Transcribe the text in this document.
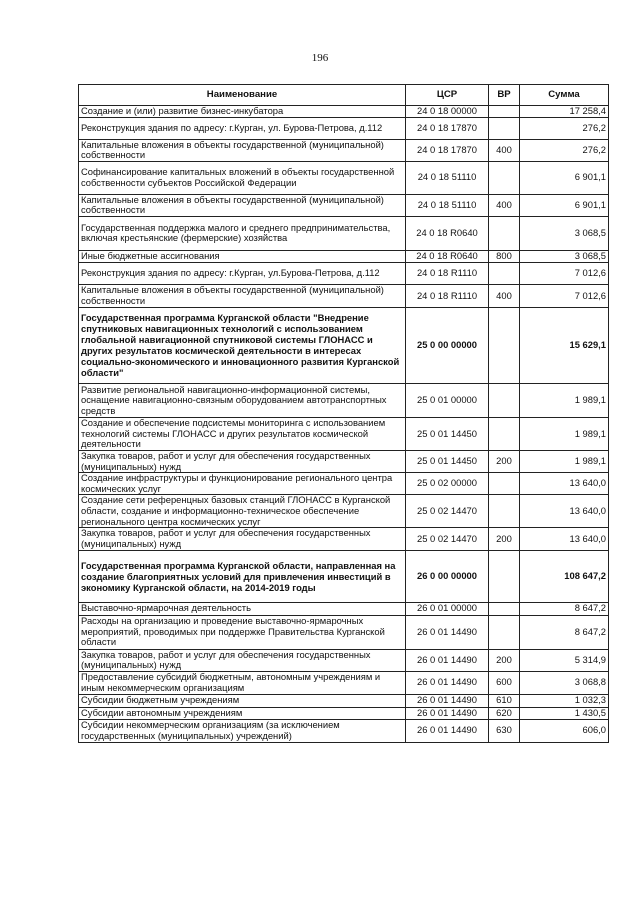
196
Наименование	ЦСР	ВР	Сумма
Создание и (или) развитие бизнес-инкубатора	24 0 18 00000		17 258,4
Реконструкция здания по адресу: г.Курган, ул. Бурова-Петрова, д.112	24 0 18 17870		276,2
Капитальные вложения в объекты государственной (муниципальной) собственности	24 0 18 17870	400	276,2
Софинансирование капитальных вложений в объекты государственной собственности субъектов Российской Федерации	24 0 18 51110		6 901,1
Капитальные вложения в объекты государственной (муниципальной) собственности	24 0 18 51110	400	6 901,1
Государственная поддержка малого и среднего предпринимательства, включая крестьянские (фермерские) хозяйства	24 0 18 R0640		3 068,5
Иные бюджетные ассигнования	24 0 18 R0640	800	3 068,5
Реконструкция здания по адресу: г.Курган, ул.Бурова-Петрова, д.112	24 0 18 R1110		7 012,6
Капитальные вложения в объекты государственной (муниципальной) собственности	24 0 18 R1110	400	7 012,6
Государственная программа Курганской области "Внедрение спутниковых навигационных технологий с использованием глобальной навигационной спутниковой системы ГЛОНАСС и других результатов космической деятельности в интересах социально-экономического и инновационного развития Курганской области"	25 0 00 00000		15 629,1
Развитие региональной навигационно-информационной системы, оснащение навигационно-связным оборудованием автотранспортных средств	25 0 01 00000		1 989,1
Создание и обеспечение подсистемы мониторинга с использованием технологий системы ГЛОНАСС и других результатов космической деятельности	25 0 01 14450		1 989,1
Закупка товаров, работ и услуг для обеспечения государственных (муниципальных) нужд	25 0 01 14450	200	1 989,1
Создание инфраструктуры и функционирование регионального центра космических услуг	25 0 02 00000		13 640,0
Создание сети референцных базовых станций ГЛОНАСС в Курганской области, создание и информационно-техническое обеспечение регионального центра космических услуг	25 0 02 14470		13 640,0
Закупка товаров, работ и услуг для обеспечения государственных (муниципальных) нужд	25 0 02 14470	200	13 640,0
Государственная программа Курганской области, направленная на создание благоприятных условий для привлечения инвестиций в экономику Курганской области, на 2014-2019 годы	26 0 00 00000		108 647,2
Выставочно-ярмарочная деятельность	26 0 01 00000		8 647,2
Расходы на организацию и проведение выставочно-ярмарочных мероприятий, проводимых при поддержке Правительства Курганской области	26 0 01 14490		8 647,2
Закупка товаров, работ и услуг для обеспечения государственных (муниципальных) нужд	26 0 01 14490	200	5 314,9
Предоставление субсидий бюджетным, автономным учреждениям и иным некоммерческим организациям	26 0 01 14490	600	3 068,8
Субсидии бюджетным учреждениям	26 0 01 14490	610	1 032,3
Субсидии автономным учреждениям	26 0 01 14490	620	1 430,5
Субсидии некоммерческим организациям (за исключением государственных (муниципальных) учреждений)	26 0 01 14490	630	606,0
